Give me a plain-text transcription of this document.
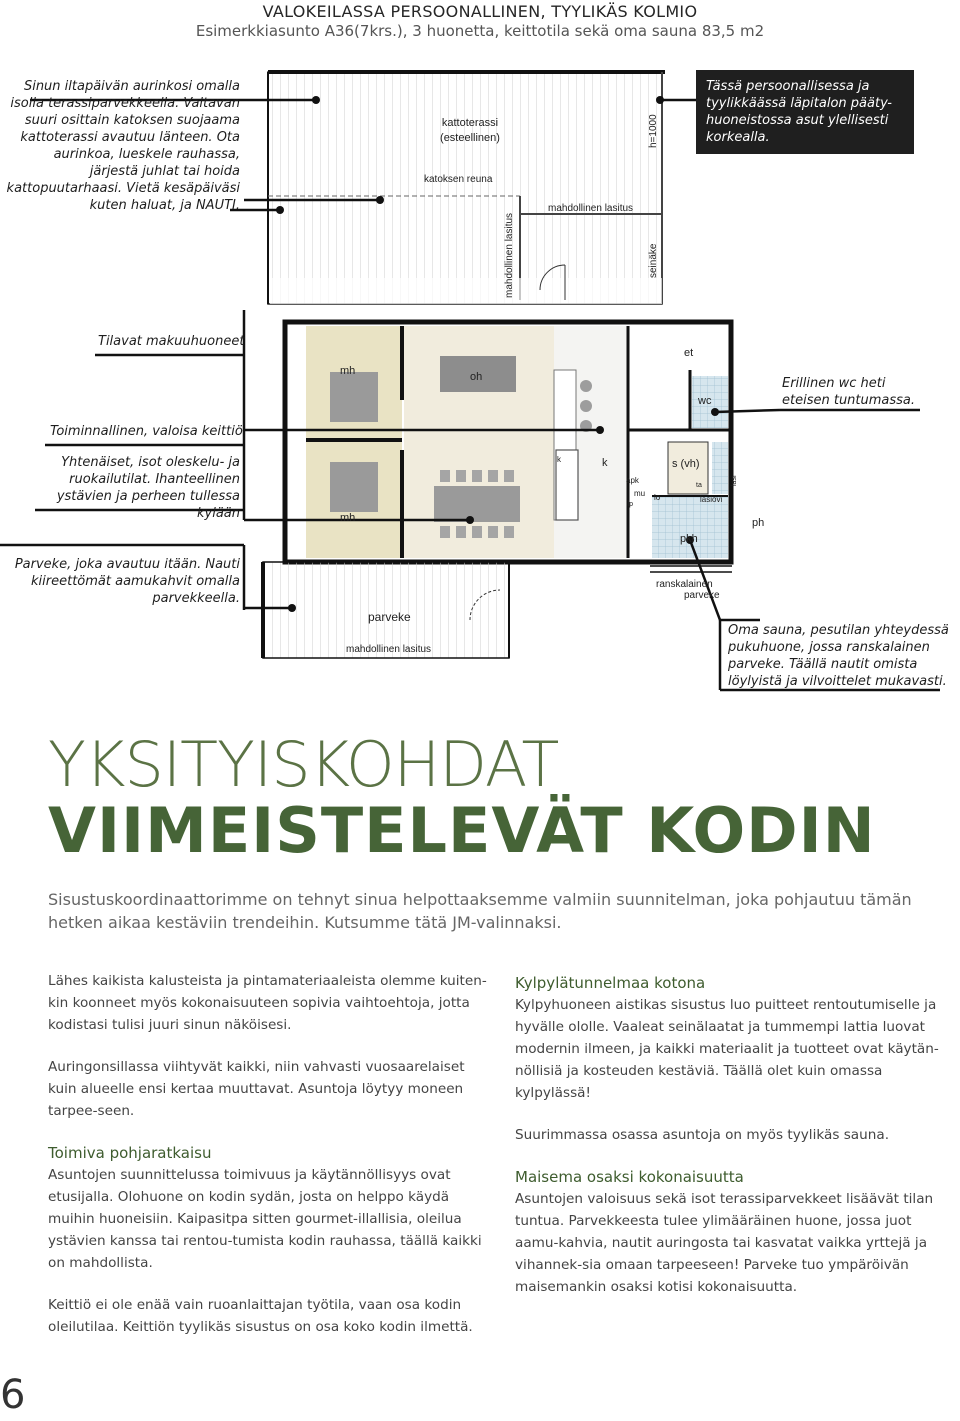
VALOKEILASSA PERSOONALLINEN, TYYLIKÄS KOLMIO
Esimerkkiasunto A36(7krs.), 3 huonetta, keittotila sekä oma sauna 83,5 m2
kattoterassi
(esteellinen)
katoksen reuna
mahdollinen lasitus
mahdollinen lasitus
h=1000
seinäke
mh
mh
oh
k
et
wc
s (vh)
pkh
ph
lasiovi
lasi
apk
mu
ilp
lo
k
ta
parveke
mahdollinen lasitus
ranskalainen
parveke
Sinun iltapäivän aurinkosi omalla isolla terassiparvekkeella. Valtavan suuri osittain katoksen suojaama kattoterassi avautuu länteen. Ota aurinkoa, lueskele rauhassa, järjestä juhlat tai hoida kattopuutarhaasi. Vietä kesäpäiväsi kuten haluat, ja NAUTI.
Tässä persoonallisessa ja tyylikkäässä läpitalon pääty-huoneistossa asut ylellisesti korkealla.
Tilavat makuuhuoneet
Toiminnallinen, valoisa keittiö
Yhtenäiset, isot oleskelu- ja ruokailutilat. Ihanteellinen ystävien ja perheen tullessa kylään
Parveke, joka avautuu itään. Nauti kiireettömät aamukahvit omalla parvekkeella.
Erillinen wc heti eteisen tuntumassa.
Oma sauna, pesutilan yhteydessä pukuhuone, jossa ranskalainen parveke. Täällä nautit omista löylyistä ja vilvoittelet mukavasti.
YKSITYISKOHDAT
VIIMEISTELEVÄT KODIN
Sisustuskoordinaattorimme on tehnyt sinua helpottaaksemme valmiin suunnitelman, joka pohjautuu tämän hetken aikaa kestäviin trendeihin. Kutsumme tätä JM-valinnaksi.

Lähes kaikista kalusteista ja pintamateriaaleista olemme kuiten-kin koonneet myös kokonaisuuteen sopivia vaihtoehtoja, jotta kodistasi tulisi juuri sinun näköisesi.

Auringonsillassa viihtyvät kaikki, niin vahvasti vuosaarelaiset kuin alueelle ensi kertaa muuttavat. Asuntoja löytyy moneen tarpee-seen.

Toimiva pohjaratkaisu

Asuntojen suunnittelussa toimivuus ja käytännöllisyys ovat etusijalla. Olohuone on kodin sydän, josta on helppo käydä muihin huoneisiin. Kaipasitpa sitten gourmet-illallisia, oleilua ystävien kanssa tai rentou-tumista kodin rauhassa, täällä kaikki on mahdollista.

Keittiö ei ole enää vain ruoanlaittajan työtila, vaan osa kodin oleilutilaa. Keittiön tyylikäs sisustus on osa koko kodin ilmettä.

Kylpylätunnelmaa kotona

Kylpyhuoneen aistikas sisustus luo puitteet rentoutumiselle ja hyvälle ololle. Vaaleat seinälaatat ja tummempi lattia luovat modernin ilmeen, ja kaikki materiaalit ja tuotteet ovat käytän-nöllisiä ja kosteuden kestäviä. Täällä olet kuin omassa kylpylässä!

Suurimmassa osassa asuntoja on myös tyylikäs sauna.

Maisema osaksi kokonaisuutta

Asuntojen valoisuus sekä isot terassiparvekkeet lisäävät tilan tuntua. Parvekkeesta tulee ylimääräinen huone, jossa juot aamu-kahvia, nautit auringosta tai kasvatat vaikka yrttejä ja vihannek-sia omaan tarpeeseen! Parveke tuo ympäröivän maisemankin osaksi kotisi kokonaisuutta.

6
